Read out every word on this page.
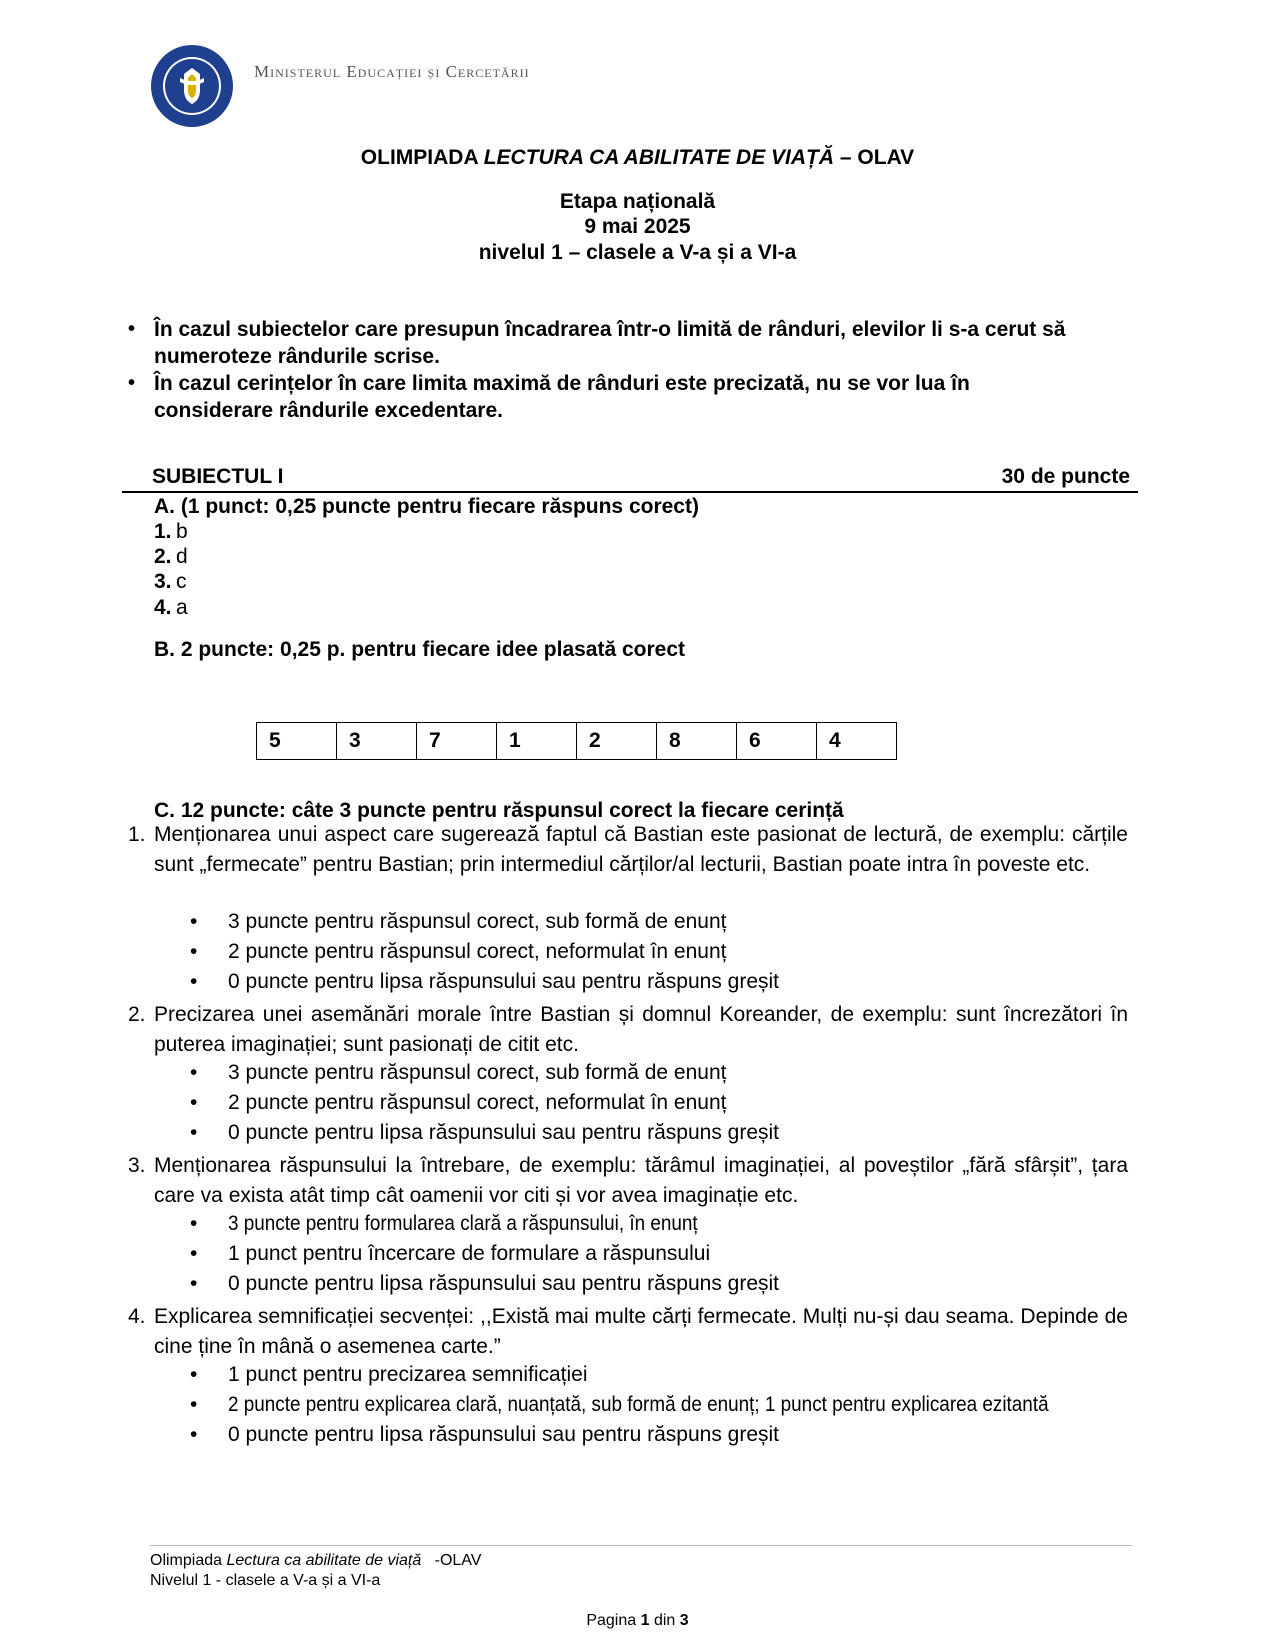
Ministerul Educației și Cercetării
OLIMPIADA LECTURA CA ABILITATE DE VIAȚĂ – OLAV
Etapa națională
9 mai 2025
nivelul 1 – clasele a V-a și a VI-a
• În cazul subiectelor care presupun încadrarea într-o limită de rânduri, elevilor li s-a cerut să numeroteze rândurile scrise.
• În cazul cerințelor în care limita maximă de rânduri este precizată, nu se vor lua în considerare rândurile excedentare.
SUBIECTUL I	30 de puncte
A. (1 punct: 0,25 puncte pentru fiecare răspuns corect)
1. b
2. d
3. c
4. a
B. 2 puncte: 0,25 p. pentru fiecare idee plasată corect
5	3	7	1	2	8	6	4
C. 12 puncte: câte 3 puncte pentru răspunsul corect la fiecare cerință
1. Menționarea unui aspect care sugerează faptul că Bastian este pasionat de lectură, de exemplu: cărțile sunt „fermecate” pentru Bastian; prin intermediul cărților/al lecturii, Bastian poate intra în poveste etc.
• 3 puncte pentru răspunsul corect, sub formă de enunț
• 2 puncte pentru răspunsul corect, neformulat în enunț
• 0 puncte pentru lipsa răspunsului sau pentru răspuns greșit
2. Precizarea unei asemănări morale între Bastian și domnul Koreander, de exemplu: sunt încrezători în puterea imaginației; sunt pasionați de citit etc.
• 3 puncte pentru răspunsul corect, sub formă de enunț
• 2 puncte pentru răspunsul corect, neformulat în enunț
• 0 puncte pentru lipsa răspunsului sau pentru răspuns greșit
3. Menționarea răspunsului la întrebare, de exemplu: tărâmul imaginației, al poveștilor „fără sfârșit”, țara care va exista atât timp cât oamenii vor citi și vor avea imaginație etc.
• 3 puncte pentru formularea clară a răspunsului, în enunț
• 1 punct pentru încercare de formulare a răspunsului
• 0 puncte pentru lipsa răspunsului sau pentru răspuns greșit
4. Explicarea semnificației secvenței: ,,Există mai multe cărți fermecate. Mulți nu-și dau seama. Depinde de cine ține în mână o asemenea carte.”
• 1 punct pentru precizarea semnificației
• 2 puncte pentru explicarea clară, nuanțată, sub formă de enunț; 1 punct pentru explicarea ezitantă
• 0 puncte pentru lipsa răspunsului sau pentru răspuns greșit
Olimpiada Lectura ca abilitate de viață   -OLAV
Nivelul 1 - clasele a V-a și a VI-a
Pagina 1 din 3
